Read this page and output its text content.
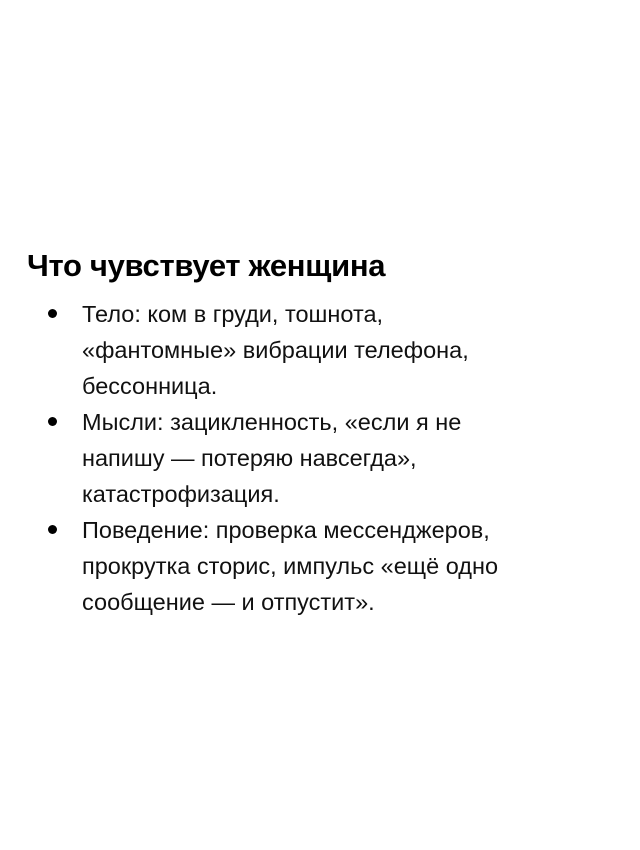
Что чувствует женщина
Тело: ком в груди, тошнота,
«фантомные» вибрации телефона,
бессонница.
Мысли: зацикленность, «если я не
напишу — потеряю навсегда»,
катастрофизация.
Поведение: проверка мессенджеров,
прокрутка сторис, импульс «ещё одно
сообщение — и отпустит».
